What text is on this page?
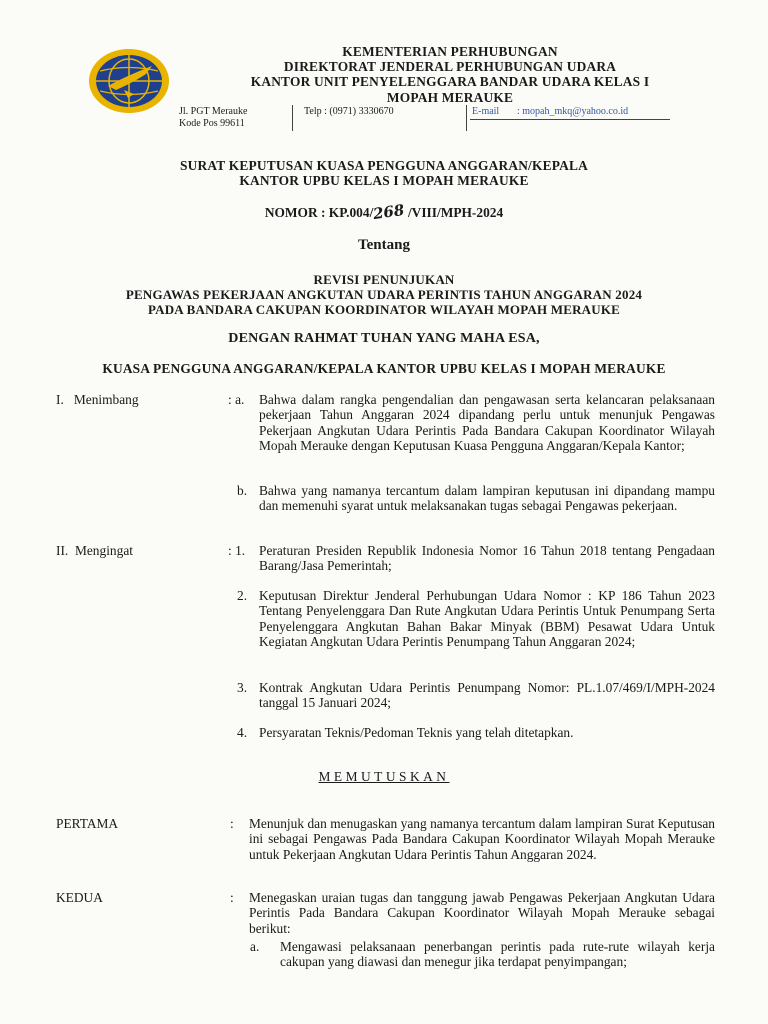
KEMENTERIAN PERHUBUNGAN
DIREKTORAT JENDERAL PERHUBUNGAN UDARA
KANTOR UNIT PENYELENGGARA BANDAR UDARA KELAS I
MOPAH MERAUKE
Jl. PGT Merauke
Kode Pos 99611
Telp : (0971) 3330670	E-mail : mopah_mkq@yahoo.co.id
SURAT KEPUTUSAN KUASA PENGGUNA ANGGARAN/KEPALA
KANTOR UPBU KELAS I MOPAH MERAUKE
NOMOR : KP.004/268 /VIII/MPH-2024
Tentang
REVISI PENUNJUKAN
PENGAWAS PEKERJAAN ANGKUTAN UDARA PERINTIS TAHUN ANGGARAN 2024
PADA BANDARA CAKUPAN KOORDINATOR WILAYAH MOPAH MERAUKE
DENGAN RAHMAT TUHAN YANG MAHA ESA,
KUASA PENGGUNA ANGGARAN/KEPALA KANTOR UPBU KELAS I MOPAH MERAUKE
I.   Menimbang	: a. Bahwa dalam rangka pengendalian dan pengawasan serta kelancaran pelaksanaan pekerjaan Tahun Anggaran 2024 dipandang perlu untuk menunjuk Pengawas Pekerjaan Angkutan Udara Perintis Pada Bandara Cakupan Koordinator Wilayah Mopah Merauke dengan Keputusan Kuasa Pengguna Anggaran/Kepala Kantor;
b. Bahwa yang namanya tercantum dalam lampiran keputusan ini dipandang mampu dan memenuhi syarat untuk melaksanakan tugas sebagai Pengawas pekerjaan.
II.  Mengingat	: 1. Peraturan Presiden Republik Indonesia Nomor 16 Tahun 2018 tentang Pengadaan Barang/Jasa Pemerintah;
2. Keputusan Direktur Jenderal Perhubungan Udara Nomor : KP 186 Tahun 2023 Tentang Penyelenggara Dan Rute Angkutan Udara Perintis Untuk Penumpang Serta Penyelenggara Angkutan Bahan Bakar Minyak (BBM) Pesawat Udara Untuk Kegiatan Angkutan Udara Perintis Penumpang Tahun Anggaran 2024;
3. Kontrak Angkutan Udara Perintis Penumpang Nomor: PL.1.07/469/I/MPH-2024 tanggal 15 Januari 2024;
4. Persyaratan Teknis/Pedoman Teknis yang telah ditetapkan.
MEMUTUSKAN
PERTAMA	: Menunjuk dan menugaskan yang namanya tercantum dalam lampiran Surat Keputusan ini sebagai Pengawas Pada Bandara Cakupan Koordinator Wilayah Mopah Merauke untuk Pekerjaan Angkutan Udara Perintis Tahun Anggaran 2024.
KEDUA	: Menegaskan uraian tugas dan tanggung jawab Pengawas Pekerjaan Angkutan Udara Perintis Pada Bandara Cakupan Koordinator Wilayah Mopah Merauke sebagai berikut:
a. Mengawasi pelaksanaan penerbangan perintis pada rute-rute wilayah kerja cakupan yang diawasi dan menegur jika terdapat penyimpangan;
